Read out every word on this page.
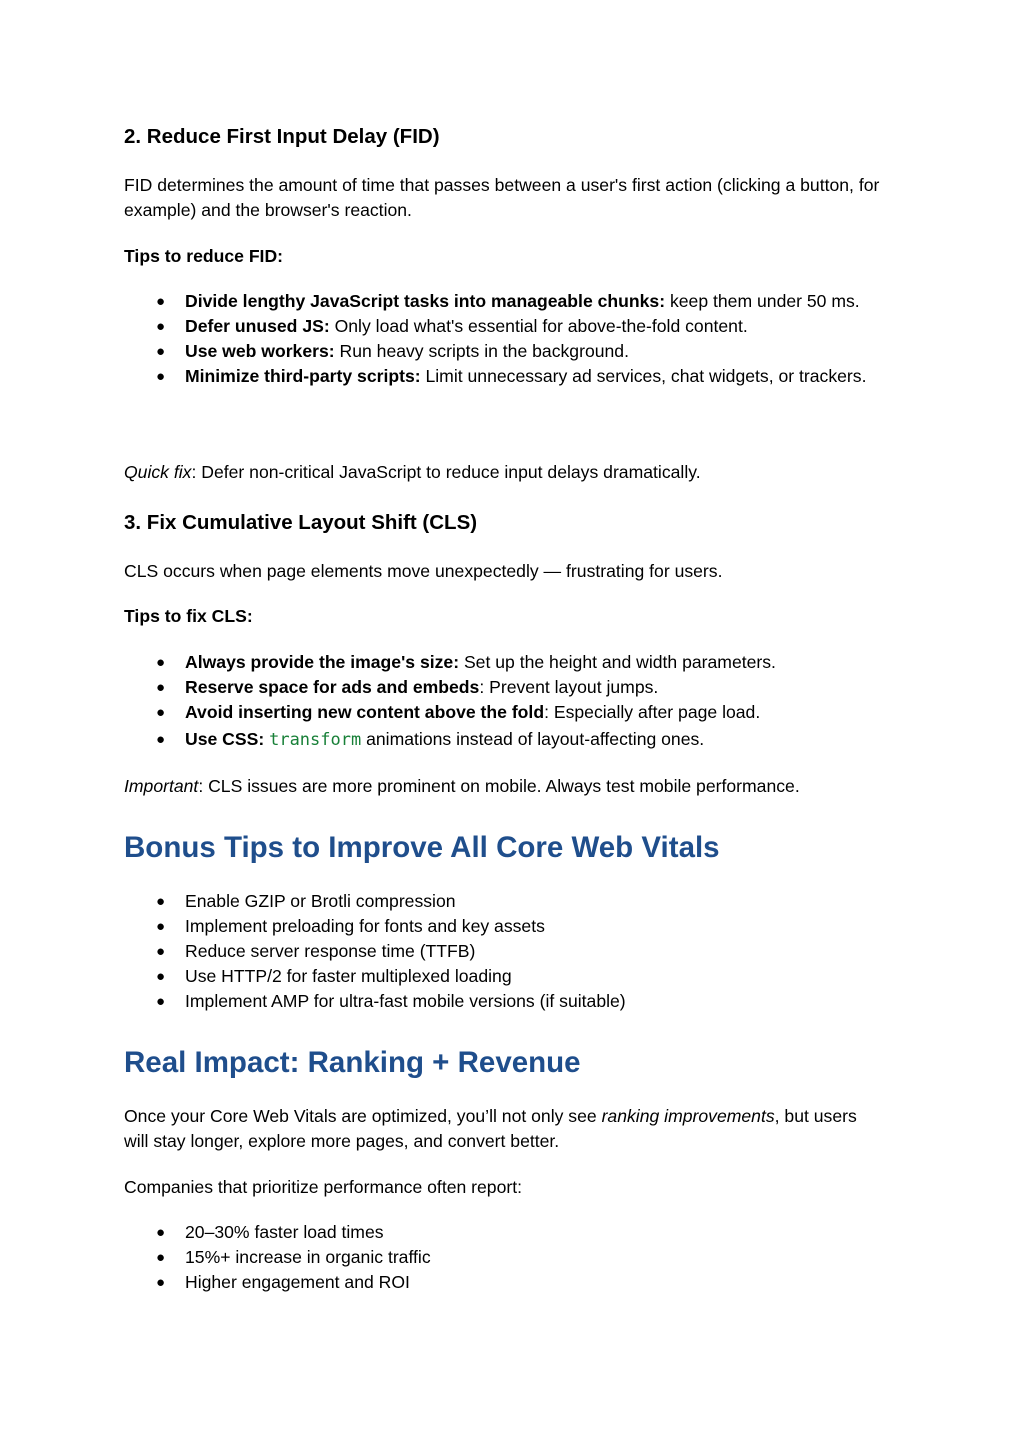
2. Reduce First Input Delay (FID)

FID determines the amount of time that passes between a user's first action (clicking a button, for example) and the browser's reaction.

Tips to reduce FID:

● Divide lengthy JavaScript tasks into manageable chunks: keep them under 50 ms.
● Defer unused JS: Only load what's essential for above-the-fold content.
● Use web workers: Run heavy scripts in the background.
● Minimize third-party scripts: Limit unnecessary ad services, chat widgets, or trackers.

Quick fix: Defer non-critical JavaScript to reduce input delays dramatically.

3. Fix Cumulative Layout Shift (CLS)

CLS occurs when page elements move unexpectedly — frustrating for users.

Tips to fix CLS:

● Always provide the image's size: Set up the height and width parameters.
● Reserve space for ads and embeds: Prevent layout jumps.
● Avoid inserting new content above the fold: Especially after page load.
● Use CSS: transform animations instead of layout-affecting ones.

Important: CLS issues are more prominent on mobile. Always test mobile performance.

Bonus Tips to Improve All Core Web Vitals
● Enable GZIP or Brotli compression
● Implement preloading for fonts and key assets
● Reduce server response time (TTFB)
● Use HTTP/2 for faster multiplexed loading
● Implement AMP for ultra-fast mobile versions (if suitable)
Real Impact: Ranking + Revenue

Once your Core Web Vitals are optimized, you’ll not only see ranking improvements, but users will stay longer, explore more pages, and convert better.

Companies that prioritize performance often report:

● 20–30% faster load times
● 15%+ increase in organic traffic
● Higher engagement and ROI
